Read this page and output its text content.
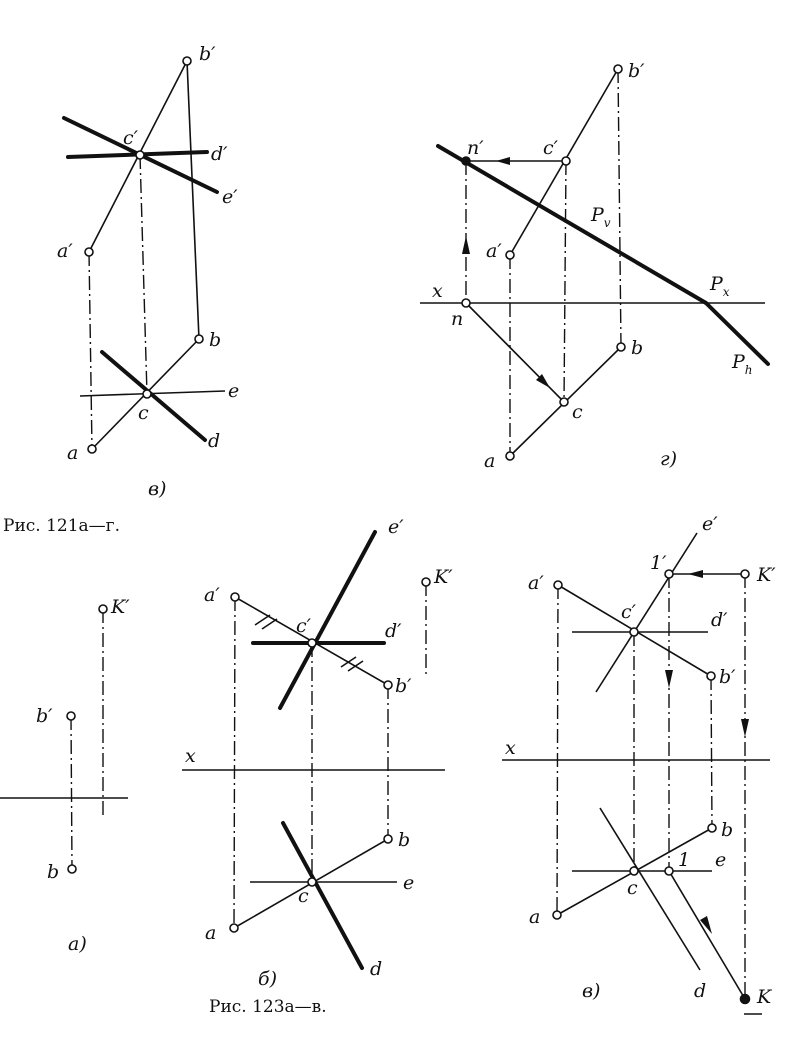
b′
c′
d′
e′
a′
b
e
c
d
a
в)
b′
n′	c′
$P_v$
a′
x	$P_x$
n
b
$P_h$
c
a	г)
Рис. 121а—г.
K′
b′
b
а)
e′
K′
a′
c′	d′
b′
x
b
e
c
a
d
б)
Рис. 123а—в.
e′
1′
K′
a′
c′	d′
b′
x
b
1 e
c
a
d	K
в)
